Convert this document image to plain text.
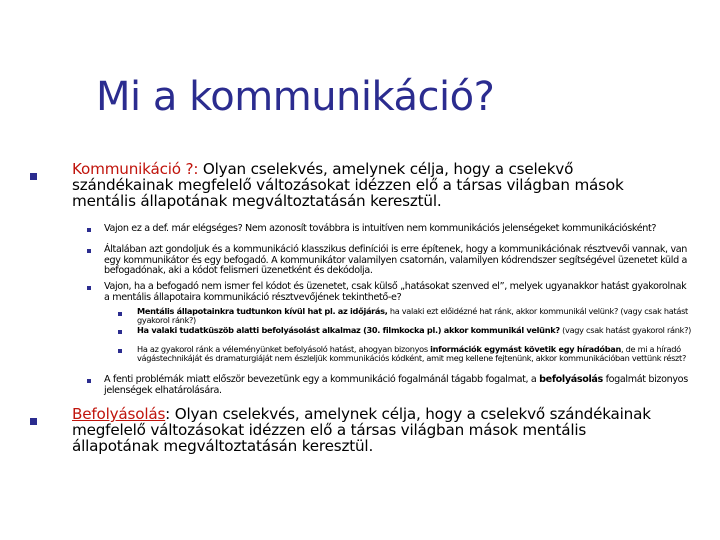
Mi a kommunikáció?
Kommunikáció ?: Olyan cselekvés, amelynek célja, hogy a cselekvő szándékainak megfelelő változásokat idézzen elő a társas világban mások mentális állapotának megváltoztatásán keresztül.
Vajon ez a def. már elégséges? Nem azonosít továbbra is intuitíven nem kommunikációs jelenségeket kommunikációsként?
Általában azt gondoljuk és a kommunikáció klasszikus definíciói is erre építenek, hogy a kommunikációnak résztvevői vannak, van egy kommunikátor és egy befogadó. A kommunikátor valamilyen csatornán, valamilyen kódrendszer segítségével üzenetet küld a befogadónak, aki a kódot felismeri üzenetként és dekódolja.
Vajon, ha a befogadó nem ismer fel kódot és üzenetet, csak külső „hatásokat szenved el”, melyek ugyanakkor hatást gyakorolnak a mentális állapotaira kommunikáció résztvevőjének tekinthető-e?
Mentális állapotainkra tudtunkon kívül hat pl. az időjárás, ha valaki ezt előidézné hat ránk, akkor kommunikál velünk? (vagy csak hatást gyakorol ránk?)
Ha valaki tudatküszöb alatti befolyásolást alkalmaz (30. filmkocka pl.) akkor kommunikál velünk? (vagy csak hatást gyakorol ránk?)
Ha az gyakorol ránk a véleményünket befolyásoló hatást, ahogyan bizonyos információk egymást követik egy híradóban, de mi a híradó vágástechnikáját és dramaturgiáját nem észleljük kommunikációs kódként, amit meg kellene fejtenünk, akkor kommunikációban vettünk részt?
A fenti problémák miatt először bevezetünk egy a kommunikáció fogalmánál tágabb fogalmat, a befolyásolás fogalmát bizonyos jelenségek elhatárolására.
Befolyásolás: Olyan cselekvés, amelynek célja, hogy a cselekvő szándékainak megfelelő változásokat idézzen elő a társas világban mások mentális állapotának megváltoztatásán keresztül.
